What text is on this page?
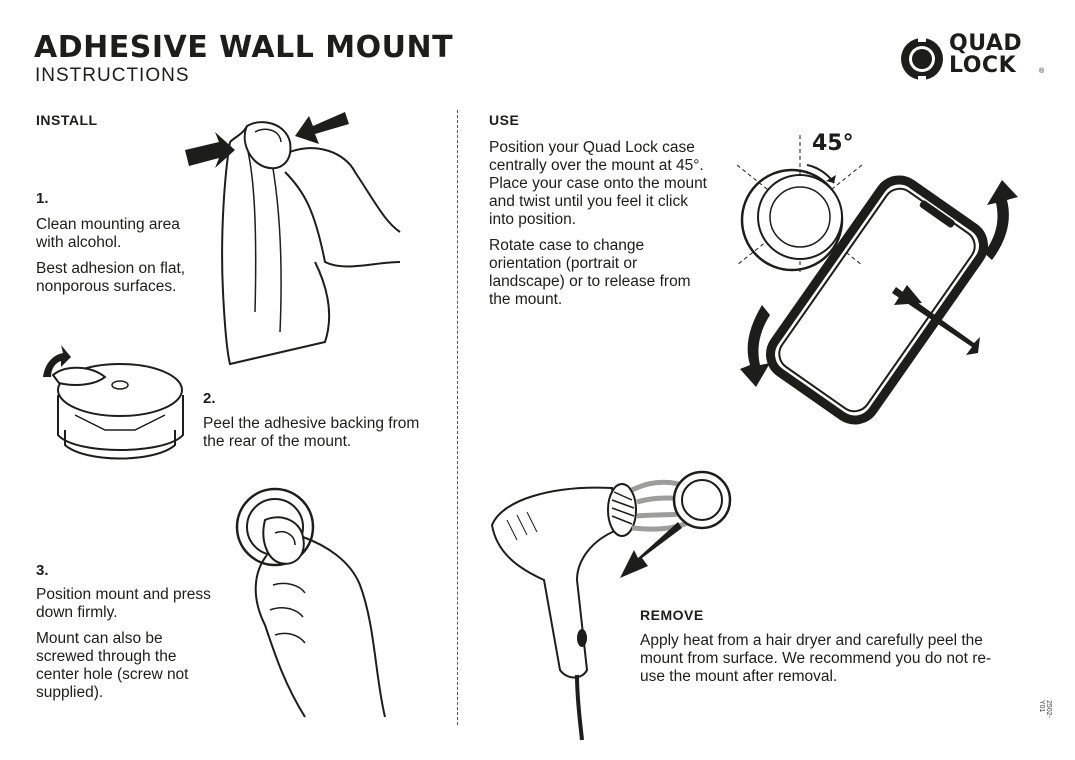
ADHESIVE WALL MOUNT
INSTRUCTIONS
QUAD
LOCK	®
INSTALL
1.

Clean mounting area with alcohol.

Best adhesion on flat, nonporous surfaces.

2.

Peel the adhesive backing from the rear of the mount.

3.

Position mount and press down firmly.

Mount can also be screwed through the center hole (screw not supplied).

USE

Position your Quad Lock case centrally over the mount at 45°. Place your case onto the mount and twist until you feel it click into position.

Rotate case to change orientation (portrait or landscape) or to release from the mount.

45°
REMOVE

Apply heat from a hair dryer and carefully peel the mount from surface. We recommend you do not re-use the mount after removal.

2502-Y01
